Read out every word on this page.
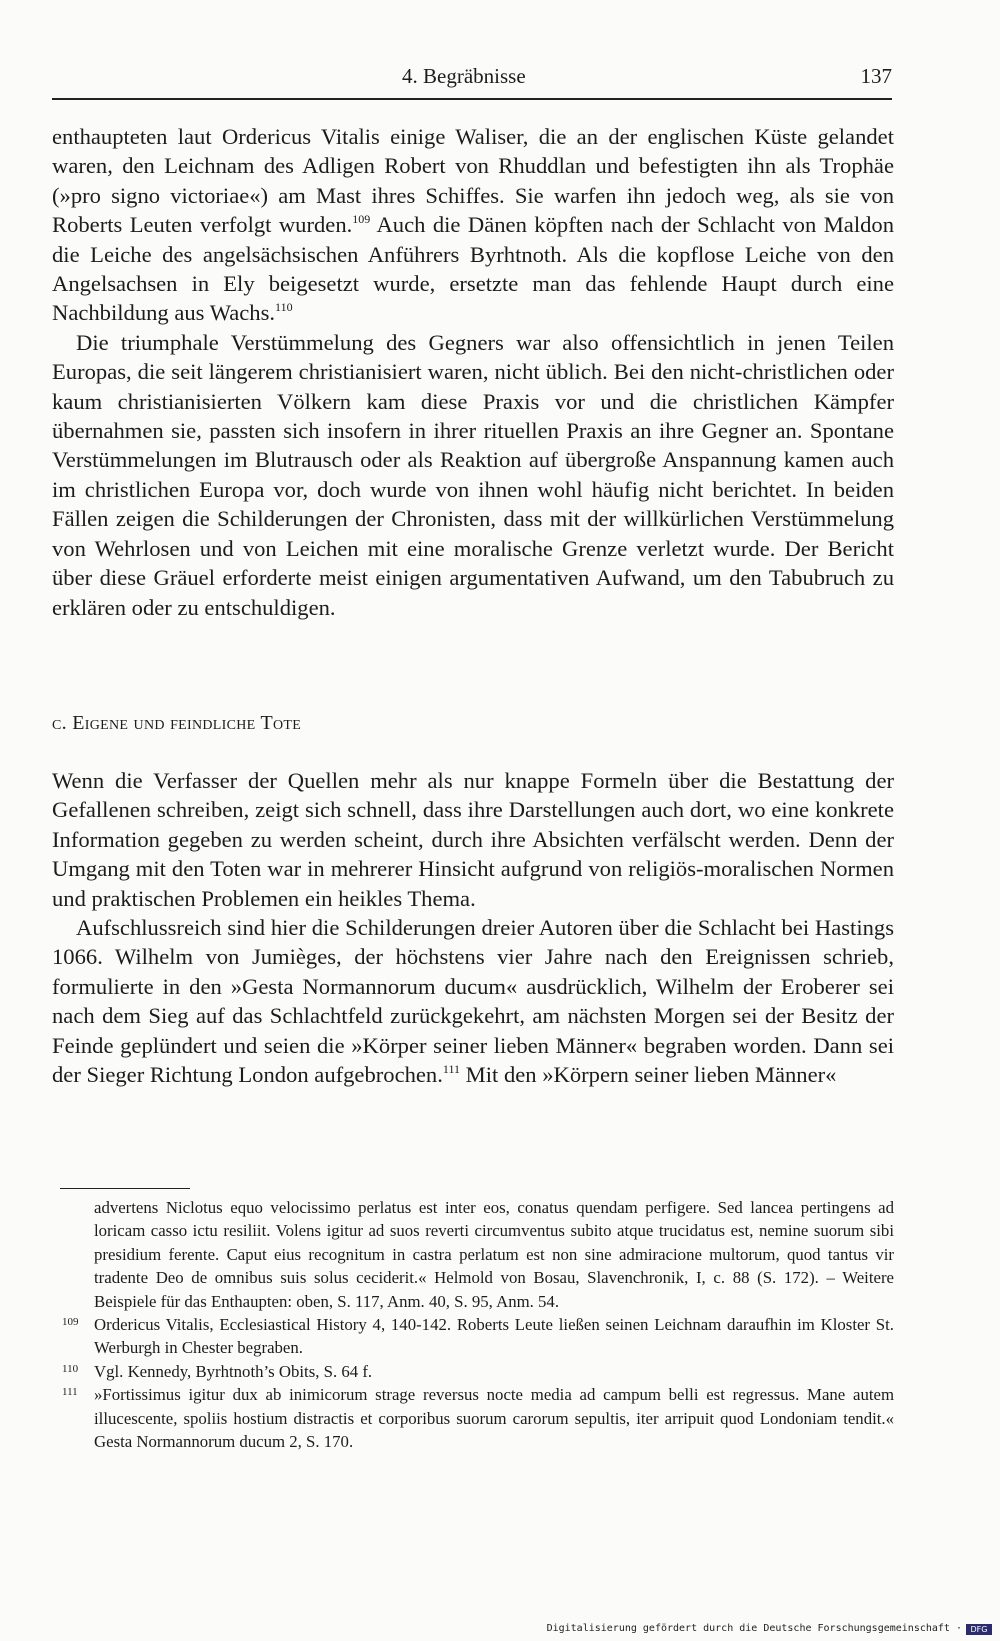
4. Begräbnisse	137

enthaupteten laut Ordericus Vitalis einige Waliser, die an der englischen Küste gelandet waren, den Leichnam des Adligen Robert von Rhuddlan und befestigten ihn als Trophäe (»pro signo victoriae«) am Mast ihres Schiffes. Sie warfen ihn jedoch weg, als sie von Roberts Leuten verfolgt wurden.$^{109}$ Auch die Dänen köpften nach der Schlacht von Maldon die Leiche des angelsächsischen Anführers Byrhtnoth. Als die kopflose Leiche von den Angelsachsen in Ely beigesetzt wurde, ersetzte man das fehlende Haupt durch eine Nachbildung aus Wachs.$^{110}$

Die triumphale Verstümmelung des Gegners war also offensichtlich in jenen Teilen Europas, die seit längerem christianisiert waren, nicht üblich. Bei den nicht-christlichen oder kaum christianisierten Völkern kam diese Praxis vor und die christlichen Kämpfer übernahmen sie, passten sich insofern in ihrer rituellen Praxis an ihre Gegner an. Spontane Verstümmelungen im Blutrausch oder als Reaktion auf übergroße Anspannung kamen auch im christlichen Europa vor, doch wurde von ihnen wohl häufig nicht berichtet. In beiden Fällen zeigen die Schilderungen der Chronisten, dass mit der willkürlichen Verstümmelung von Wehrlosen und von Leichen mit eine moralische Grenze verletzt wurde. Der Bericht über diese Gräuel erforderte meist einigen argumentativen Aufwand, um den Tabubruch zu erklären oder zu entschuldigen.

c. Eigene und feindliche Tote

Wenn die Verfasser der Quellen mehr als nur knappe Formeln über die Bestattung der Gefallenen schreiben, zeigt sich schnell, dass ihre Darstellungen auch dort, wo eine konkrete Information gegeben zu werden scheint, durch ihre Absichten verfälscht werden. Denn der Umgang mit den Toten war in mehrerer Hinsicht aufgrund von religiös-moralischen Normen und praktischen Problemen ein heikles Thema.

Aufschlussreich sind hier die Schilderungen dreier Autoren über die Schlacht bei Hastings 1066. Wilhelm von Jumièges, der höchstens vier Jahre nach den Ereignissen schrieb, formulierte in den »Gesta Normannorum ducum« ausdrücklich, Wilhelm der Eroberer sei nach dem Sieg auf das Schlachtfeld zurückgekehrt, am nächsten Morgen sei der Besitz der Feinde geplündert und seien die »Körper seiner lieben Männer« begraben worden. Dann sei der Sieger Richtung London aufgebrochen.$^{111}$ Mit den »Körpern seiner lieben Männer«

advertens Niclotus equo velocissimo perlatus est inter eos, conatus quendam perfigere. Sed lancea pertingens ad loricam casso ictu resiliit. Volens igitur ad suos reverti circumventus subito atque trucidatus est, nemine suorum sibi presidium ferente. Caput eius recognitum in castra perlatum est non sine admiracione multorum, quod tantus vir tradente Deo de omnibus suis solus ceciderit.« Helmold von Bosau, Slavenchronik, I, c. 88 (S. 172). – Weitere Beispiele für das Enthaupten: oben, S. 117, Anm. 40, S. 95, Anm. 54.

109 Ordericus Vitalis, Ecclesiastical History 4, 140-142. Roberts Leute ließen seinen Leichnam daraufhin im Kloster St. Werburgh in Chester begraben.

110 Vgl. Kennedy, Byrhtnoth’s Obits, S. 64 f.

111 »Fortissimus igitur dux ab inimicorum strage reversus nocte media ad campum belli est regressus. Mane autem illucescente, spoliis hostium distractis et corporibus suorum carorum sepultis, iter arripuit quod Londoniam tendit.« Gesta Normannorum ducum 2, S. 170.

Digitalisierung gefördert durch die Deutsche Forschungsgemeinschaft · DFG
